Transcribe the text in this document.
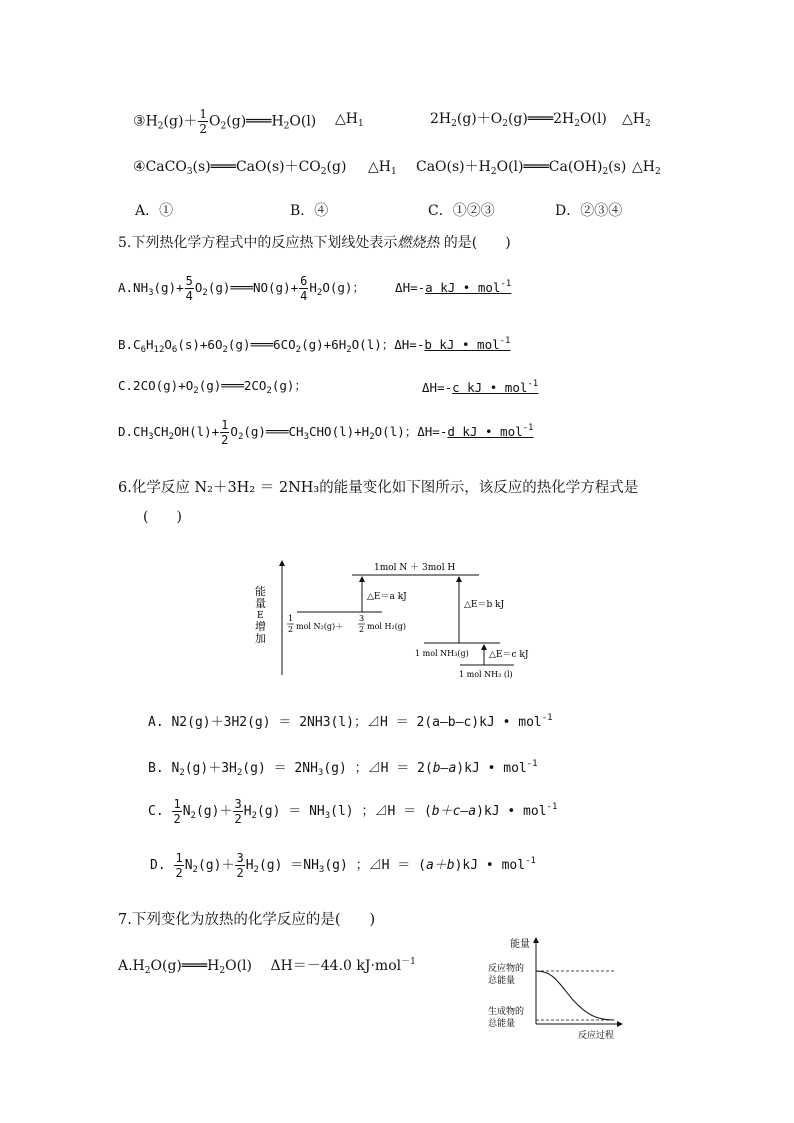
$③H_2(g)+ \frac{1}{2}$ $O_2(g)═══H_2O(l)$ $\triangle H_1$	$2H_2(g)+O_2(g)═══2H_2O(l)$ $\triangle H_2$
$④CaCO_3(s)═══CaO(s)+CO_2(g)$ $\triangle H_1$ $CaO(s)+H_2O(l)═══Ca(OH)_2(s)$ $\triangle H_2$
A．①	B．④	C．①②③	D．②③④
5.下列热化学方程式中的反应热下划线处表示燃烧热 的是(　　)
$A.NH_3(g)+ \frac{5}{4}$ $O_2(g)═══NO(g)+ \frac{6}{4} H_2O(g)$； ΔH=-a kJ • mol$^{-1}$
$B.C_6H_{12}O_6(s)+6O_2(g)═══6CO_2(g)+6H_2O(l)$；ΔH=-b kJ • mol$^{-1}$
$C.2CO(g)+O_2(g)═══2CO_2(g)$；	ΔH=-c kJ • mol$^{-1}$
$D.CH_3CH_2OH(l)+ \frac{1}{2}$ $O_2(g)═══CH_3CHO(l)+H_2O(l)$；ΔH=-d kJ • mol$^{-1}$
6.化学反应 N₂＋3H₂ ＝ 2NH₃的能量变化如下图所示，该反应的热化学方程式是
(　　)
能
量
E
增
加
1mol N ＋ 3mol H
1
2 mol N₂(g)＋
3
2 mol H₂(g)
△E＝a kJ
1 mol NH₃(g)
△E＝b kJ
1 mol NH₃ (l)
△E＝c kJ
A. N2(g)＋3H2(g) ＝ 2NH3(l)；⊿H ＝ 2(a—b—c)kJ • mol$^{-1}$
B. $N_2(g)+3H_2(g) = 2NH_3(g)$ ；⊿H ＝ 2(b—a)kJ • mol$^{-1}$
C. $\frac{1}{2} N_2(g)+ \frac{3}{2} H_2(g) = NH_3(l)$ ；⊿H ＝ (b＋c—a)kJ • mol$^{-1}$
D. $\frac{1}{2} N_2(g)+ \frac{3}{2} H_2(g) =NH_3(g)$ ；⊿H ＝ (a＋b)kJ • mol$^{-1}$
7.下列变化为放热的化学反应的是(　　)
$A.H_2O(g)═══H_2O(l)$　 ΔH＝－44.0 kJ·mol$^{-1}$
能量
反应物的
总能量
生成物的
总能量
反应过程
